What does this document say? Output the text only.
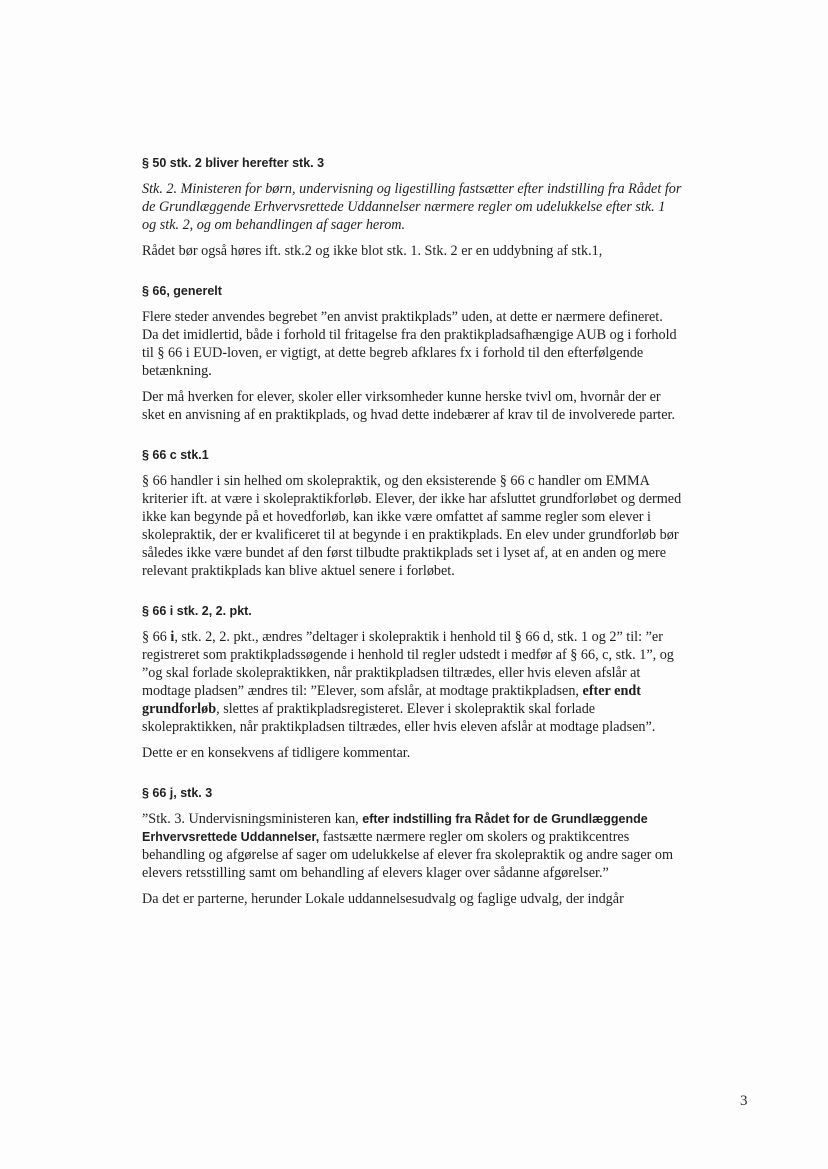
§ 50 stk. 2 bliver herefter stk. 3

Stk. 2. Ministeren for børn, undervisning og ligestilling fastsætter efter indstilling fra Rådet for de Grundlæggende Erhvervsrettede Uddannelser nærmere regler om udelukkelse efter stk. 1 og stk. 2, og om behandlingen af sager herom.

Rådet bør også høres ift. stk.2 og ikke blot stk. 1. Stk. 2 er en uddybning af stk.1,

§ 66, generelt

Flere steder anvendes begrebet ”en anvist praktikplads” uden, at dette er nærmere defineret. Da det imidlertid, både i forhold til fritagelse fra den praktikpladsafhængige AUB og i forhold til § 66 i EUD-loven, er vigtigt, at dette begreb afklares fx i forhold til den efterfølgende betænkning.

Der må hverken for elever, skoler eller virksomheder kunne herske tvivl om, hvornår der er sket en anvisning af en praktikplads, og hvad dette indebærer af krav til de involverede parter.

§ 66 c stk.1

§ 66 handler i sin helhed om skolepraktik, og den eksisterende § 66 c handler om EMMA kriterier ift. at være i skolepraktikforløb. Elever, der ikke har afsluttet grundforløbet og dermed ikke kan begynde på et hovedforløb, kan ikke være omfattet af samme regler som elever i skolepraktik, der er kvalificeret til at begynde i en praktikplads. En elev under grundforløb bør således ikke være bundet af den først tilbudte praktikplads set i lyset af, at en anden og mere relevant praktikplads kan blive aktuel senere i forløbet.

§ 66 i stk. 2, 2. pkt.

§ 66 i, stk. 2, 2. pkt., ændres ”deltager i skolepraktik i henhold til § 66 d, stk. 1 og 2” til: ”er registreret som praktikpladssøgende i henhold til regler udstedt i medfør af § 66, c, stk. 1”, og ”og skal forlade skolepraktikken, når praktikpladsen tiltrædes, eller hvis eleven afslår at modtage pladsen” ændres til: ”Elever, som afslår, at modtage praktikpladsen, efter endt grundforløb, slettes af praktikpladsregisteret. Elever i skolepraktik skal forlade skolepraktikken, når praktikpladsen tiltrædes, eller hvis eleven afslår at modtage pladsen”.

Dette er en konsekvens af tidligere kommentar.

§ 66 j, stk. 3

”Stk. 3. Undervisningsministeren kan, efter indstilling fra Rådet for de Grundlæggende Erhvervsrettede Uddannelser, fastsætte nærmere regler om skolers og praktikcentres behandling og afgørelse af sager om udelukkelse af elever fra skolepraktik og andre sager om elevers retsstilling samt om behandling af elevers klager over sådanne afgørelser.”

Da det er parterne, herunder Lokale uddannelsesudvalg og faglige udvalg, der indgår

3
